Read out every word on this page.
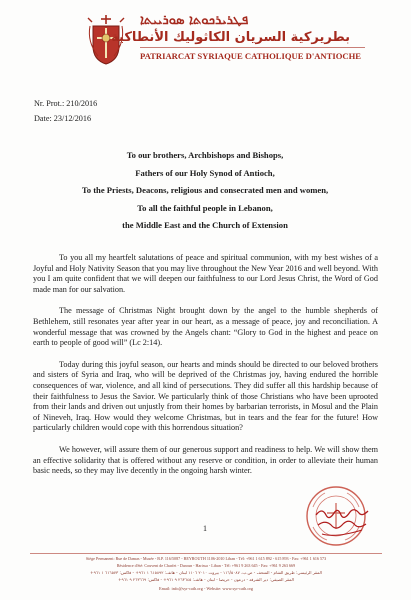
ܦܛܪܝܪܟܘܬܐ ܣܘܪܝܝܬܐ
بطريركية السريان الكاثوليك الأنطاكية
PATRIARCAT SYRIAQUE CATHOLIQUE D'ANTIOCHE
Nr. Prot.: 210/2016
Date: 23/12/2016
To our brothers, Archbishops and Bishops,
Fathers of our Holy Synod of Antioch,
To the Priests, Deacons, religious and consecrated men and women,
To all the faithful people in Lebanon,
the Middle East and the Church of Extension

To you all my heartfelt salutations of peace and spiritual communion, with my best wishes of a Joyful and Holy Nativity Season that you may live throughout the New Year 2016 and well beyond. With you I am quite confident that we will deepen our faithfulness to our Lord Jesus Christ, the Word of God made man for our salvation.

The message of Christmas Night brought down by the angel to the humble shepherds of Bethlehem, still resonates year after year in our heart, as a message of peace, joy and reconciliation. A wonderful message that was crowned by the Angels chant: “Glory to God in the highest and peace on earth to people of good will” (Lc 2:14).

Today during this joyful season, our hearts and minds should be directed to our beloved brothers and sisters of Syria and Iraq, who will be deprived of the Christmas joy, having endured the horrible consequences of war, violence, and all kind of persecutions. They did suffer all this hardship because of their faithfulness to Jesus the Savior. We particularly think of those Christians who have been uprooted from their lands and driven out unjustly from their homes by barbarian terrorists, in Mosul and the Plain of Nineveh, Iraq. How would they welcome Christmas, but in tears and the fear for the future! How particularly children would cope with this horrendous situation?

We however, will assure them of our generous support and readiness to help. We will show them an effective solidarity that is offered without any reserve or condition, in order to alleviate their human basic needs, so they may live decently in the ongoing harsh winter.

1
Siège Permanent: Rue de Damas - Musée - B.P. 116/5087 - BEYROUTH 1106-2010 Liban - Tél: +961 1 615 892 - 615 893 - Fax: +961 1 616 573
Résidence d'été: Couvent de Charfet - Daroun - Harissa - Liban - Tél: +961 9 263 645 - Fax: +961 9 263 669
المقر الرئيسي: طريق الشام - المتحف - ص.ب. ١١٦/٥٠٨٧ - بيروت ٢٠١٠ ١١٠٦ لبنان - هاتف: ٦١٥٨٩٢ ١ ٩٦١+ - فاكس: ٦١٦٥٧٣ ١ ٩٦١+
المقر الصيفي: دير الشرفة - درعون - حريصا - لبنان - هاتف: ٢٦٣٦٤٥ ٩ ٩٦١+ - فاكس: ٢٦٣٦٦٩ ٩ ٩٦١+
Email: info@syr-cath.org - Website: www.syr-cath.org
